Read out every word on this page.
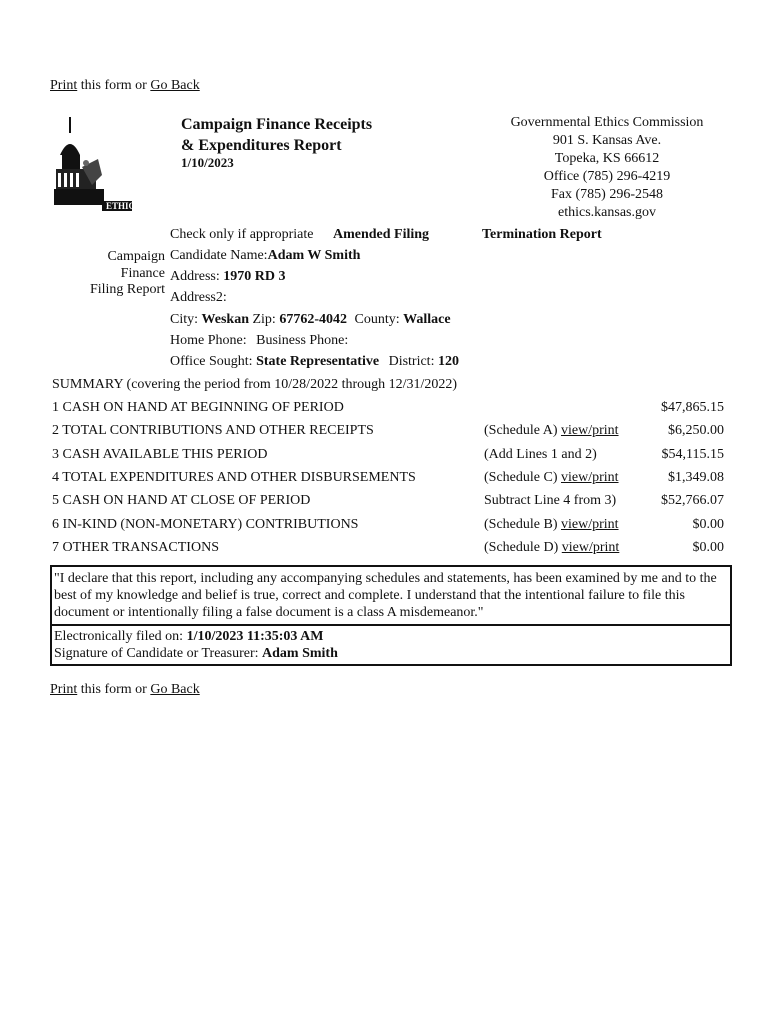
Print this form or Go Back
ETHICS
Campaign Finance Receipts
& Expenditures Report
1/10/2023
Governmental Ethics Commission
901 S. Kansas Ave.
Topeka, KS 66612
Office (785) 296-4219
Fax (785) 296-2548
ethics.kansas.gov
Check only if appropriate Amended Filing	Termination Report
Campaign
Finance
Filing Report
Candidate Name:Adam W Smith
Address: 1970 RD 3
Address2:
City: Weskan Zip: 67762-4042 County: Wallace
Home Phone: Business Phone:
Office Sought: State Representative District: 120
SUMMARY (covering the period from 10/28/2022 through 12/31/2022)
1 CASH ON HAND AT BEGINNING OF PERIOD	$47,865.15
2 TOTAL CONTRIBUTIONS AND OTHER RECEIPTS	(Schedule A) view/print	$6,250.00
3 CASH AVAILABLE THIS PERIOD	(Add Lines 1 and 2)	$54,115.15
4 TOTAL EXPENDITURES AND OTHER DISBURSEMENTS	(Schedule C) view/print	$1,349.08
5 CASH ON HAND AT CLOSE OF PERIOD	Subtract Line 4 from 3)	$52,766.07
6 IN-KIND (NON-MONETARY) CONTRIBUTIONS	(Schedule B) view/print	$0.00
7 OTHER TRANSACTIONS	(Schedule D) view/print	$0.00
"I declare that this report, including any accompanying schedules and statements, has been examined by me and to the best of my knowledge and belief is true, correct and complete. I understand that the intentional failure to file this document or intentionally filing a false document is a class A misdemeanor."
Electronically filed on: 1/10/2023 11:35:03 AM
Signature of Candidate or Treasurer: Adam Smith
Print this form or Go Back
